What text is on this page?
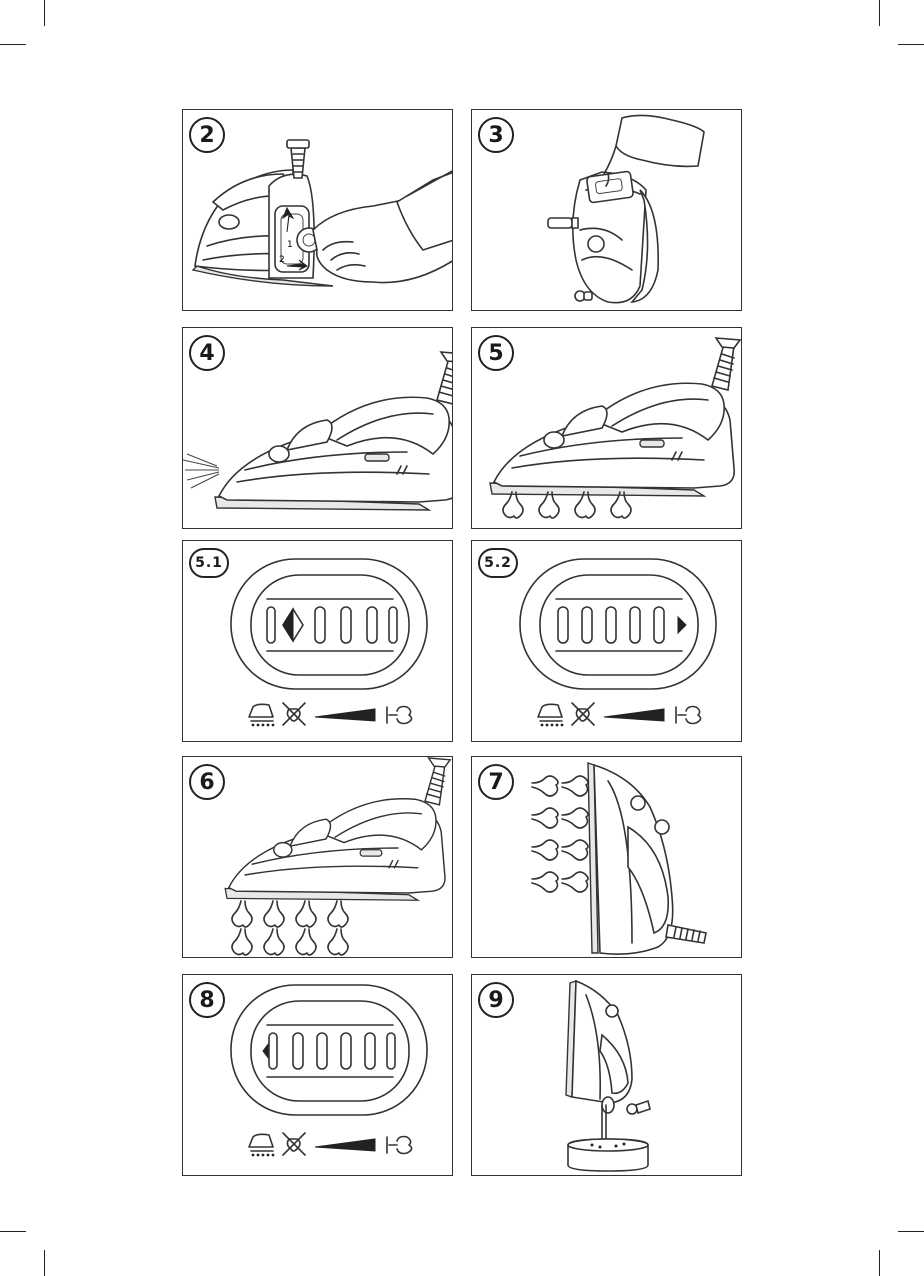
1
2
2	3
4	5
5.1	5.2
6	7
8	9
